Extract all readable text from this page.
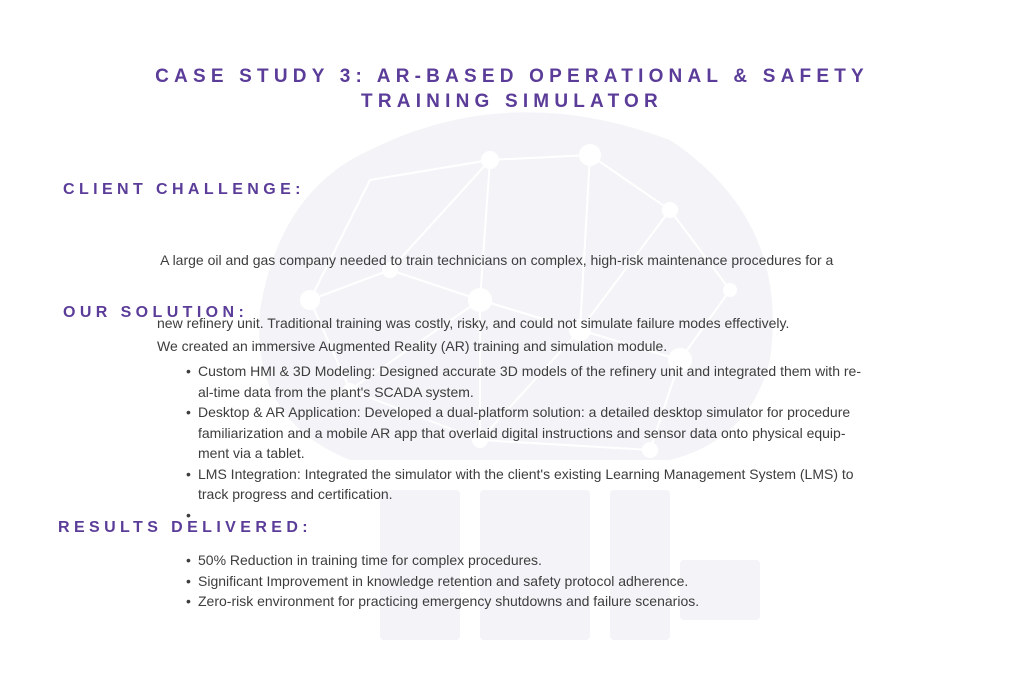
CASE STUDY 3: AR-BASED OPERATIONAL & SAFETY
TRAINING SIMULATOR
CLIENT CHALLENGE:

A large oil and gas company needed to train technicians on complex, high-risk maintenance procedures for a

new refinery unit. Traditional training was costly, risky, and could not simulate failure modes effectively.

OUR SOLUTION:
We created an immersive Augmented Reality (AR) training and simulation module.
• Custom HMI & 3D Modeling: Designed accurate 3D models of the refinery unit and integrated them with re-
al-time data from the plant's SCADA system.
• Desktop & AR Application: Developed a dual-platform solution: a detailed desktop simulator for procedure
familiarization and a mobile AR app that overlaid digital instructions and sensor data onto physical equip-
ment via a tablet.
• LMS Integration: Integrated the simulator with the client's existing Learning Management System (LMS) to
track progress and certification.
•
RESULTS DELIVERED:
• 50% Reduction in training time for complex procedures.
• Significant Improvement in knowledge retention and safety protocol adherence.
• Zero-risk environment for practicing emergency shutdowns and failure scenarios.
